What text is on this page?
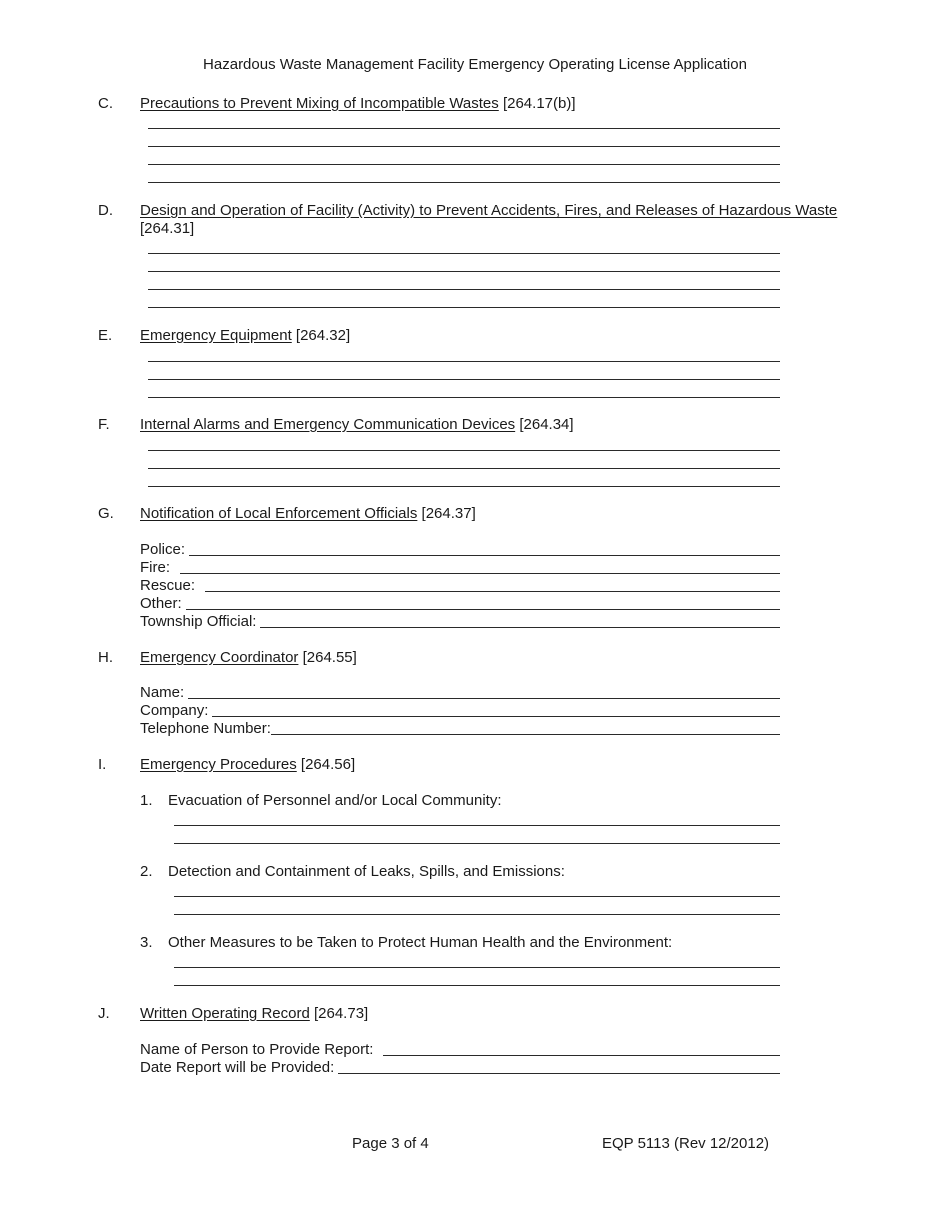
Hazardous Waste Management Facility Emergency Operating License Application
C. Precautions to Prevent Mixing of Incompatible Wastes [264.17(b)]
D. Design and Operation of Facility (Activity) to Prevent Accidents, Fires, and Releases of Hazardous Waste
[264.31]
E. Emergency Equipment [264.32]
F. Internal Alarms and Emergency Communication Devices [264.34]
G. Notification of Local Enforcement Officials [264.37]
Police:
Fire:
Rescue:
Other:
Township Official:
H. Emergency Coordinator [264.55]
Name:
Company:
Telephone Number:
I. Emergency Procedures [264.56]
1. Evacuation of Personnel and/or Local Community:
2. Detection and Containment of Leaks, Spills, and Emissions:
3. Other Measures to be Taken to Protect Human Health and the Environment:
J. Written Operating Record [264.73]
Name of Person to Provide Report:
Date Report will be Provided:
Page 3 of 4	EQP 5113 (Rev 12/2012)
